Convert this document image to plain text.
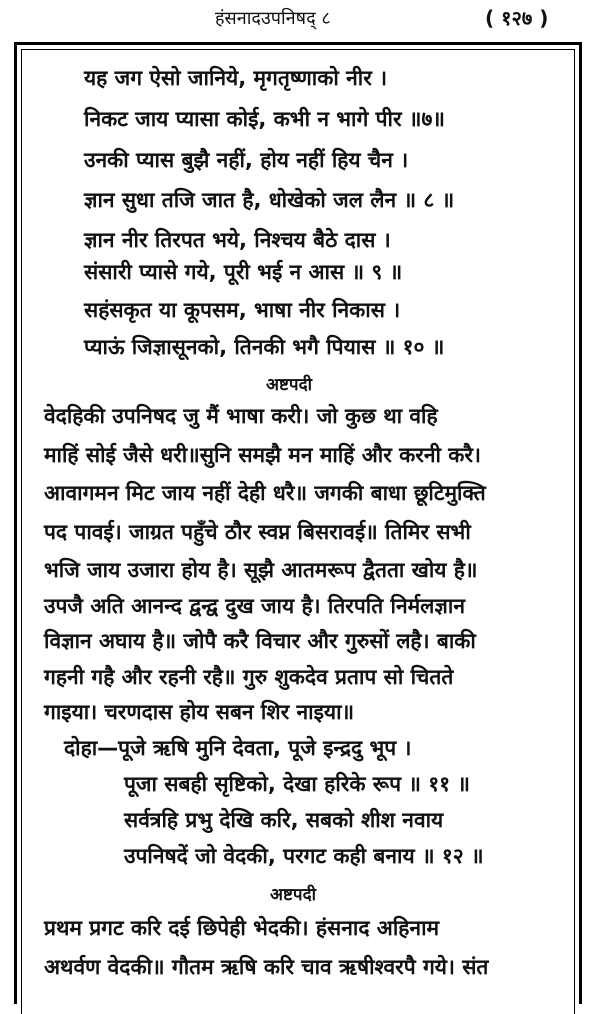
हंसनादउपनिषद् ८	( १२७ )
यह जग ऐसो जानिये, मृगतृष्णाको नीर ।
निकट जाय प्यासा कोई, कभी न भागे पीर ॥७॥
उनकी प्यास बुझै नहीं, होय नहीं हिय चैन ।
ज्ञान सुधा तजि जात है, धोखेको जल लैन ॥ ८ ॥
ज्ञान नीर तिरपत भये, निश्चय बैठे दास ।
संसारी प्यासे गये, पूरी भई न आस ॥ ९ ॥
सहंसकृत या कूपसम, भाषा नीर निकास ।
प्याऊं जिज्ञासूनको, तिनकी भगै पियास ॥ १० ॥
अष्टपदी
वेदहिकी उपनिषद जु मैं भाषा करी। जो कुछ था वहि
माहिं सोई जैसे धरी॥सुनि समझै मन माहिं और करनी करै।
आवागमन मिट जाय नहीं देही धरै॥ जगकी बाधा छूटिमुक्ति
पद पावई। जाग्रत पहुँचे ठौर स्वप्न बिसरावई॥ तिमिर सभी
भजि जाय उजारा होय है। सूझै आतमरूप द्वैतता खोय है॥
उपजै अति आनन्द द्वन्द्व दुख जाय है। तिरपति निर्मलज्ञान
विज्ञान अघाय है॥ जोपै करै विचार और गुरुसों लहै। बाकी
गहनी गहै और रहनी रहै॥ गुरु शुकदेव प्रताप सो चितते
गाइया। चरणदास होय सबन शिर नाइया॥
दोहा—पूजे ऋषि मुनि देवता, पूजे इन्द्रदु भूप ।
पूजा सबही सृष्टिको, देखा हरिके रूप ॥ ११ ॥
सर्वत्रहि प्रभु देखि करि, सबको शीश नवाय
उपनिषदें जो वेदकी, परगट कही बनाय ॥ १२ ॥
अष्टपदी
प्रथम प्रगट करि दई छिपेही भेदकी। हंसनाद अहिनाम
अथर्वण वेदकी॥ गौतम ऋषि करि चाव ऋषीश्वरपै गये। संत
